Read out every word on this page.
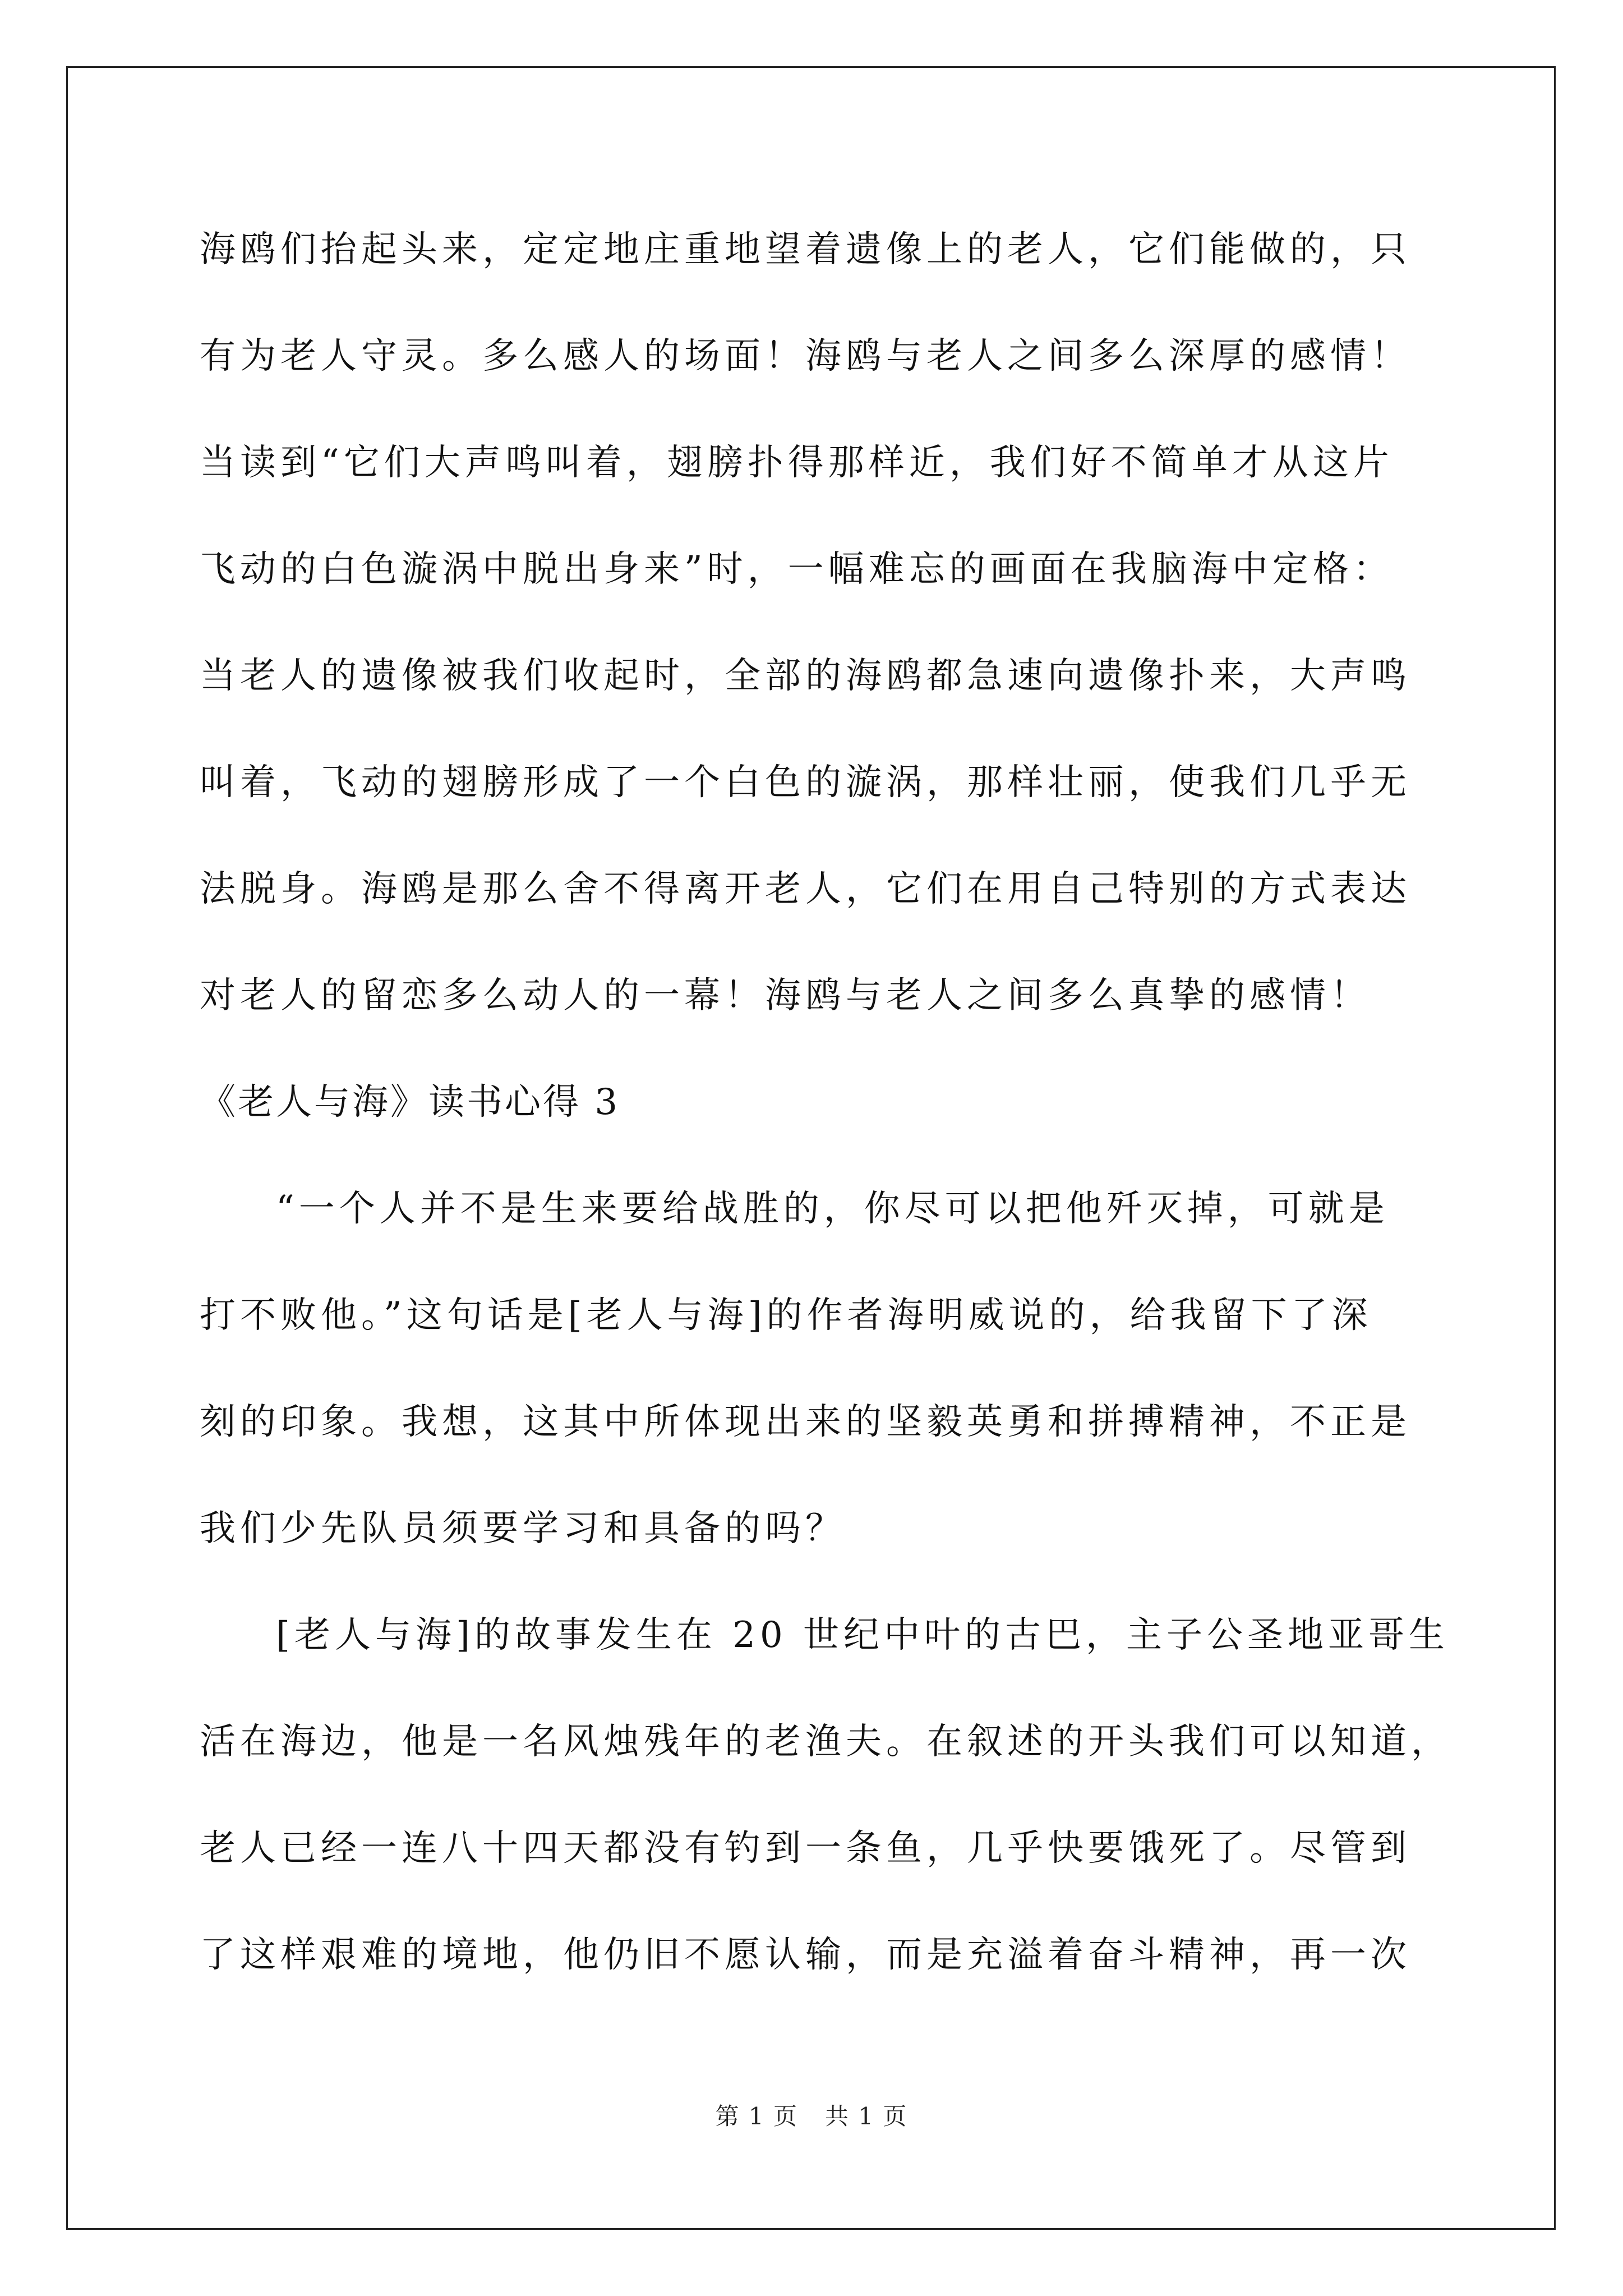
海鸥们抬起头来，定定地庄重地望着遗像上的老人，它们能做的，只
有为老人守灵。多么感人的场面！海鸥与老人之间多么深厚的感情！
当读到“它们大声鸣叫着，翅膀扑得那样近，我们好不简单才从这片
飞动的白色漩涡中脱出身来”时，一幅难忘的画面在我脑海中定格：
当老人的遗像被我们收起时，全部的海鸥都急速向遗像扑来，大声鸣
叫着，飞动的翅膀形成了一个白色的漩涡，那样壮丽，使我们几乎无
法脱身。海鸥是那么舍不得离开老人，它们在用自己特别的方式表达
对老人的留恋多么动人的一幕！海鸥与老人之间多么真挚的感情！
《老人与海》读书心得 3
“一个人并不是生来要给战胜的，你尽可以把他歼灭掉，可就是
打不败他。”这句话是[老人与海]的作者海明威说的，给我留下了深
刻的印象。我想，这其中所体现出来的坚毅英勇和拼搏精神，不正是
我们少先队员须要学习和具备的吗？
[老人与海]的故事发生在 20 世纪中叶的古巴，主子公圣地亚哥生
活在海边，他是一名风烛残年的老渔夫。在叙述的开头我们可以知道，
老人已经一连八十四天都没有钓到一条鱼，几乎快要饿死了。尽管到
了这样艰难的境地，他仍旧不愿认输，而是充溢着奋斗精神，再一次
第 1 页 共 1 页
